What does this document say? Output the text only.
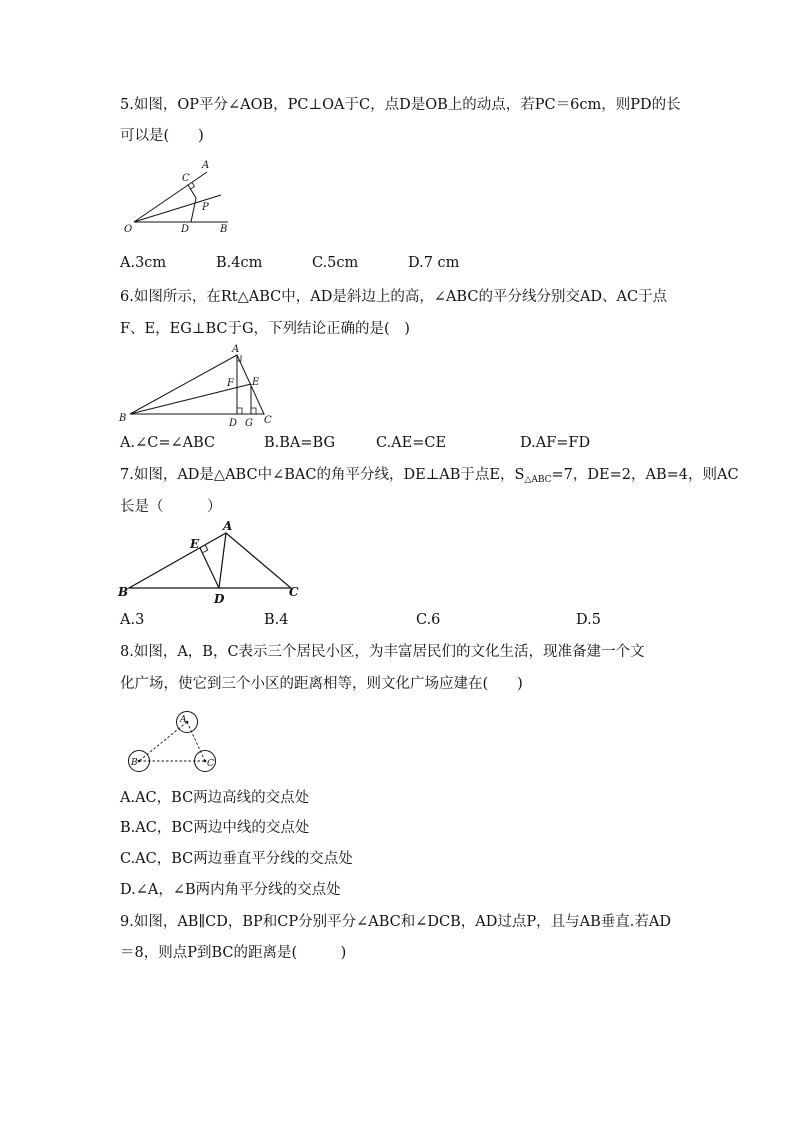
5.如图，OP平分∠AOB，PC⊥OA于C，点D是OB上的动点，若PC＝6cm，则PD的长
可以是(　　)
A
C
P
O	D	B
A.3cm	B.4cm	C.5cm	D.7 cm
6.如图所示，在Rt△ABC中，AD是斜边上的高，∠ABC的平分线分别交AD、AC于点
F、E，EG⊥BC于G，下列结论正确的是(　)
A
E
F
B	D G C
A.∠C=∠ABC	B.BA=BG	C.AE=CE	D.AF=FD
7.如图，AD是△ABC中∠BAC的角平分线，DE⊥AB于点E，$S_{\triangle ABC}=7$，DE=2，AB=4，则AC
长是（　　　）
A
E
B	D	C
A.3	B.4	C.6	D.5
8.如图，A，B，C表示三个居民小区，为丰富居民们的文化生活，现准备建一个文
化广场，使它到三个小区的距离相等，则文化广场应建在(　　)
A
B	C
A.AC，BC两边高线的交点处
B.AC，BC两边中线的交点处
C.AC，BC两边垂直平分线的交点处
D.∠A，∠B两内角平分线的交点处
9.如图，AB∥CD，BP和CP分别平分∠ABC和∠DCB，AD过点P，且与AB垂直.若AD
＝8，则点P到BC的距离是(　　　)
